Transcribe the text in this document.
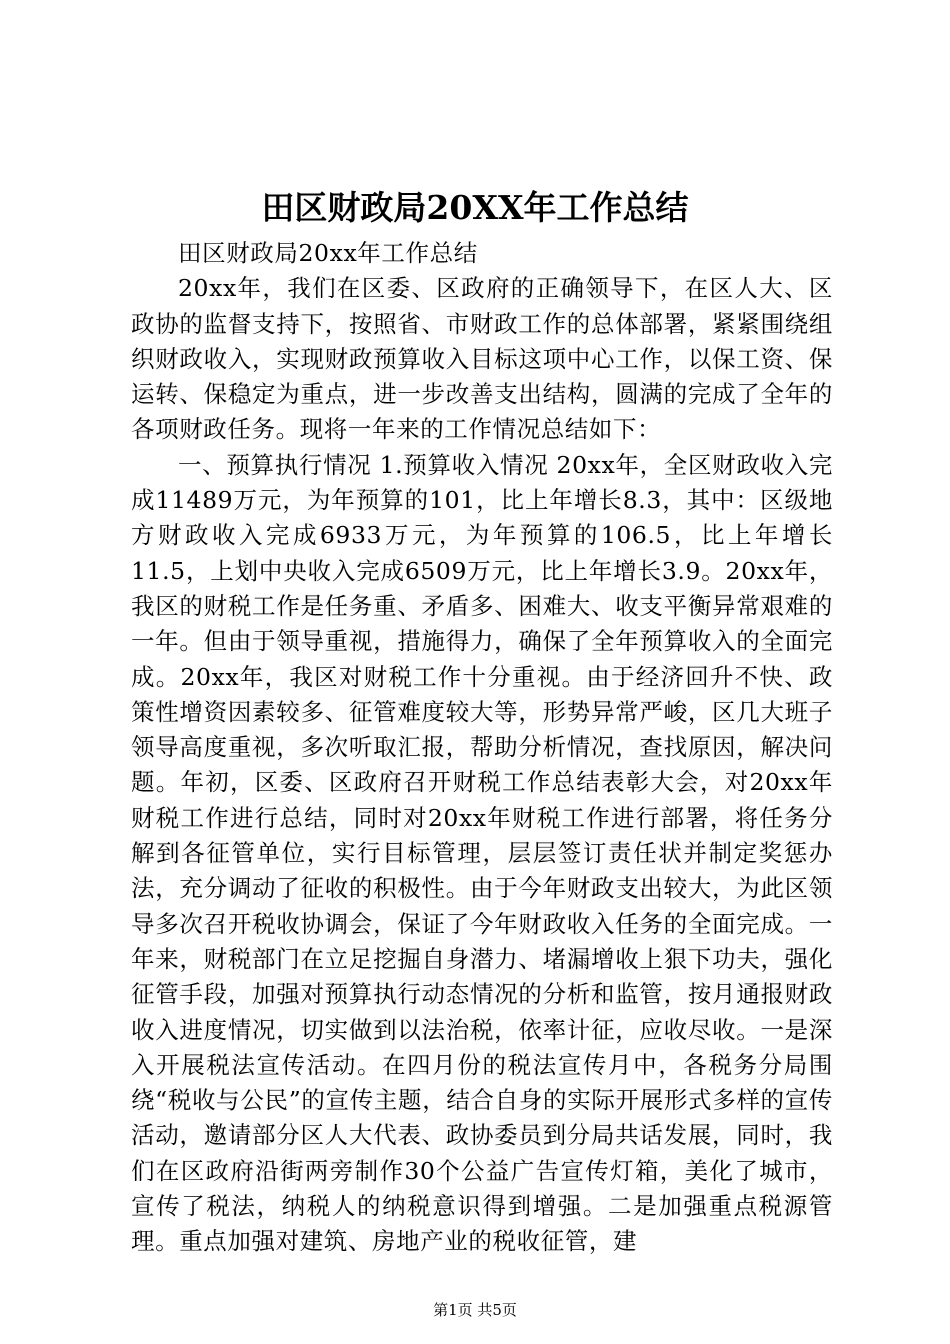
田区财政局20XX年工作总结

田区财政局20xx年工作总结

20xx年，我们在区委、区政府的正确领导下，在区人大、区政协的监督支持下，按照省、市财政工作的总体部署，紧紧围绕组织财政收入，实现财政预算收入目标这项中心工作，以保工资、保运转、保稳定为重点，进一步改善支出结构，圆满的完成了全年的各项财政任务。现将一年来的工作情况总结如下：

一、预算执行情况 1.预算收入情况 20xx年，全区财政收入完成11489万元，为年预算的101，比上年增长8.3，其中：区级地方财政收入完成6933万元，为年预算的106.5，比上年增长11.5，上划中央收入完成6509万元，比上年增长3.9。20xx年，我区的财税工作是任务重、矛盾多、困难大、收支平衡异常艰难的一年。但由于领导重视，措施得力，确保了全年预算收入的全面完成。20xx年，我区对财税工作十分重视。由于经济回升不快、政策性增资因素较多、征管难度较大等，形势异常严峻，区几大班子领导高度重视，多次听取汇报，帮助分析情况，查找原因，解决问题。年初，区委、区政府召开财税工作总结表彰大会，对20xx年财税工作进行总结，同时对20xx年财税工作进行部署，将任务分解到各征管单位，实行目标管理，层层签订责任状并制定奖惩办法，充分调动了征收的积极性。由于今年财政支出较大，为此区领导多次召开税收协调会，保证了今年财政收入任务的全面完成。一年来，财税部门在立足挖掘自身潜力、堵漏增收上狠下功夫，强化征管手段，加强对预算执行动态情况的分析和监管，按月通报财政收入进度情况，切实做到以法治税，依率计征，应收尽收。一是深入开展税法宣传活动。在四月份的税法宣传月中，各税务分局围绕“税收与公民”的宣传主题，结合自身的实际开展形式多样的宣传活动，邀请部分区人大代表、政协委员到分局共话发展，同时，我们在区政府沿街两旁制作30个公益广告宣传灯箱，美化了城市，宣传了税法，纳税人的纳税意识得到增强。二是加强重点税源管理。重点加强对建筑、房地产业的税收征管，建

第1页 共5页
